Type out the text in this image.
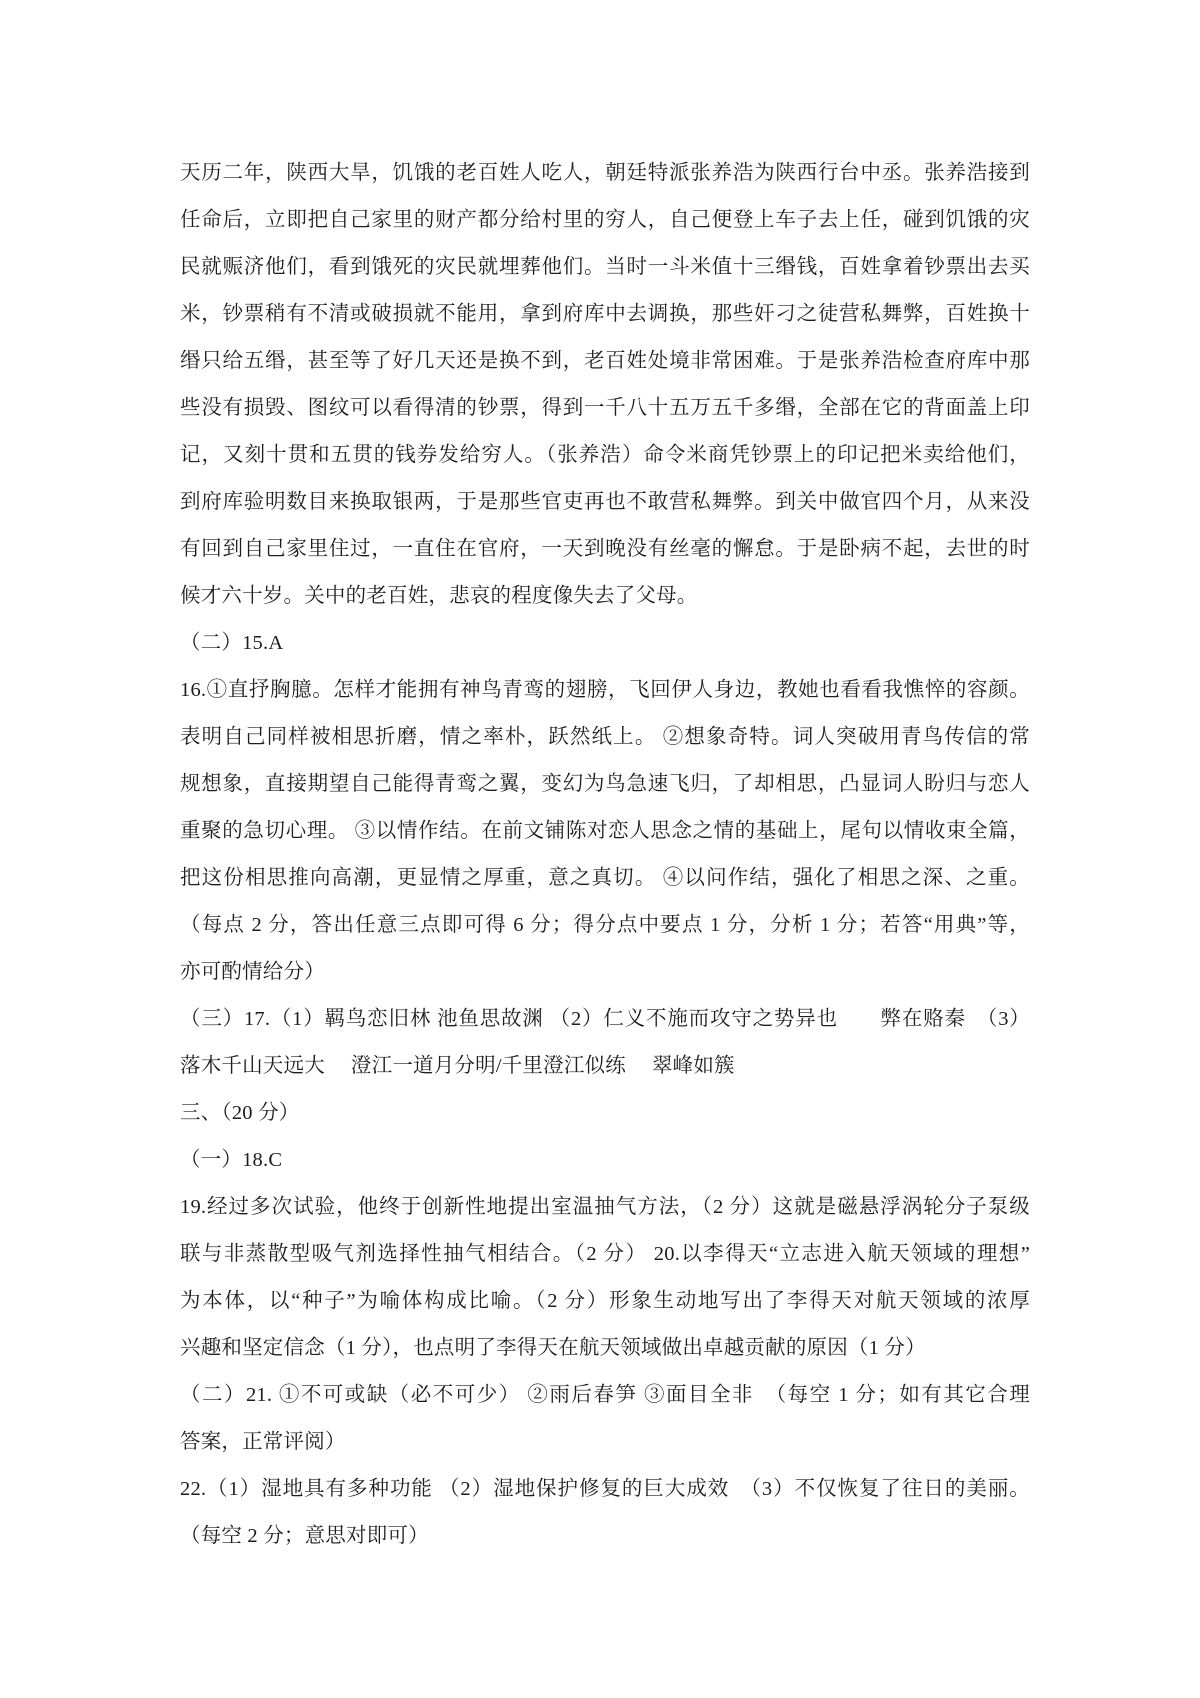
天历二年，陕西大旱，饥饿的老百姓人吃人，朝廷特派张养浩为陕西行台中丞。张养浩接到
任命后，立即把自己家里的财产都分给村里的穷人，自己便登上车子去上任，碰到饥饿的灾
民就赈济他们，看到饿死的灾民就埋葬他们。当时一斗米值十三缗钱，百姓拿着钞票出去买
米，钞票稍有不清或破损就不能用，拿到府库中去调换，那些奸刁之徒营私舞弊，百姓换十
缗只给五缗，甚至等了好几天还是换不到，老百姓处境非常困难。于是张养浩检查府库中那
些没有损毁、图纹可以看得清的钞票，得到一千八十五万五千多缗，全部在它的背面盖上印
记，又刻十贯和五贯的钱券发给穷人。（张养浩）命令米商凭钞票上的印记把米卖给他们，
到府库验明数目来换取银两，于是那些官吏再也不敢营私舞弊。到关中做官四个月，从来没
有回到自己家里住过，一直住在官府，一天到晚没有丝毫的懈怠。于是卧病不起，去世的时
候才六十岁。关中的老百姓，悲哀的程度像失去了父母。
（二）15.A
16.①直抒胸臆。怎样才能拥有神鸟青鸾的翅膀，飞回伊人身边，教她也看看我憔悴的容颜。
表明自己同样被相思折磨，情之率朴，跃然纸上。 ②想象奇特。词人突破用青鸟传信的常
规想象，直接期望自己能得青鸾之翼，变幻为鸟急速飞归，了却相思，凸显词人盼归与恋人
重聚的急切心理。 ③以情作结。在前文铺陈对恋人思念之情的基础上，尾句以情收束全篇，
把这份相思推向高潮，更显情之厚重，意之真切。 ④以问作结，强化了相思之深、之重。
（每点 2 分，答出任意三点即可得 6 分；得分点中要点 1 分，分析 1 分；若答“用典”等，
亦可酌情给分）
（三）17.（1）羁鸟恋旧林 池鱼思故渊 （2）仁义不施而攻守之势异也　　弊在赂秦　（3）
落木千山天远大　 澄江一道月分明/千里澄江似练　 翠峰如簇
三、（20 分）
（一）18.C
19.经过多次试验，他终于创新性地提出室温抽气方法，（2 分）这就是磁悬浮涡轮分子泵级
联与非蒸散型吸气剂选择性抽气相结合。（2 分） 20.以李得天“立志进入航天领域的理想”
为本体，以“种子”为喻体构成比喻。（2 分）形象生动地写出了李得天对航天领域的浓厚
兴趣和坚定信念（1 分），也点明了李得天在航天领域做出卓越贡献的原因（1 分）
（二）21. ①不可或缺（必不可少） ②雨后春笋 ③面目全非　（每空 1 分；如有其它合理
答案，正常评阅）
22.（1）湿地具有多种功能 （2）湿地保护修复的巨大成效　（3）不仅恢复了往日的美丽。
（每空 2 分；意思对即可）
